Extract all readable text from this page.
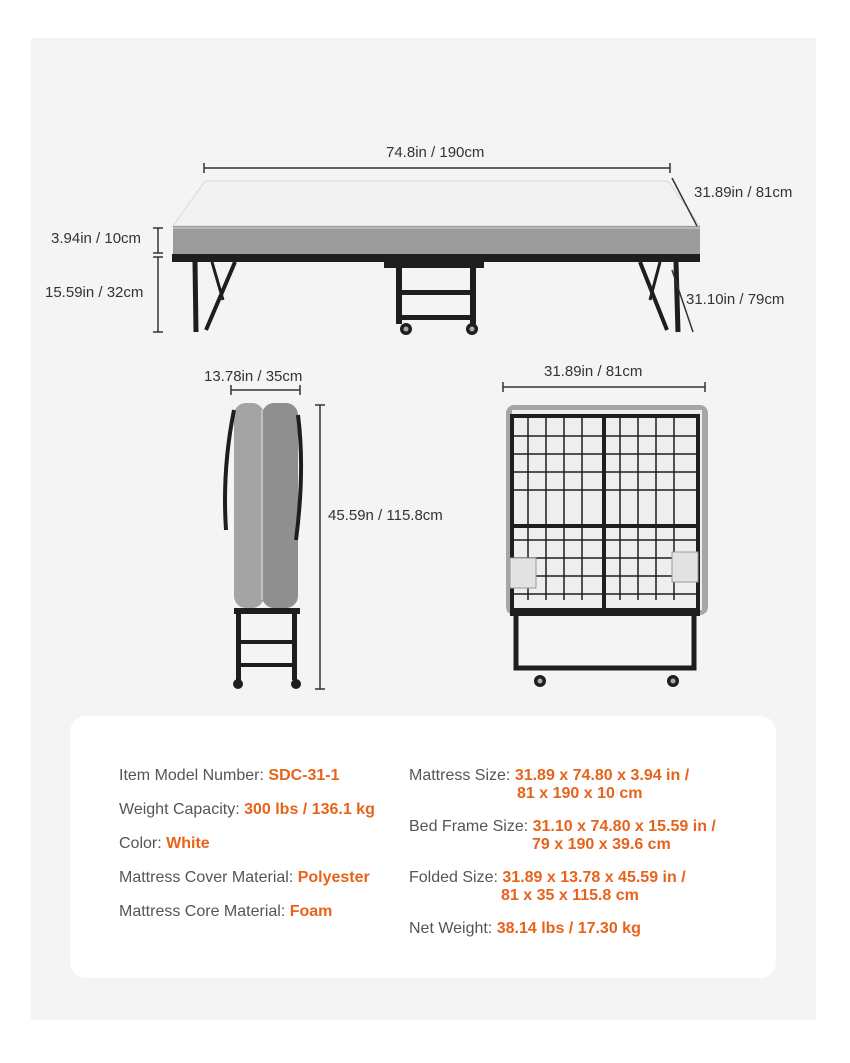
74.8in / 190cm
31.89in / 81cm
3.94in / 10cm
15.59in / 32cm	31.10in / 79cm
13.78in / 35cm
45.59n / 115.8cm
31.89in / 81cm
Item Model Number: SDC-31-1
Weight Capacity: 300 lbs / 136.1 kg
Color: White
Mattress Cover Material: Polyester
Mattress Core Material: Foam
Mattress Size: 31.89 x 74.80 x 3.94 in /
81 x 190 x 10 cm
Bed Frame Size: 31.10 x 74.80 x 15.59 in /
79 x 190 x 39.6 cm
Folded Size: 31.89 x 13.78 x 45.59 in /
81 x 35 x 115.8 cm
Net Weight: 38.14 lbs / 17.30 kg
